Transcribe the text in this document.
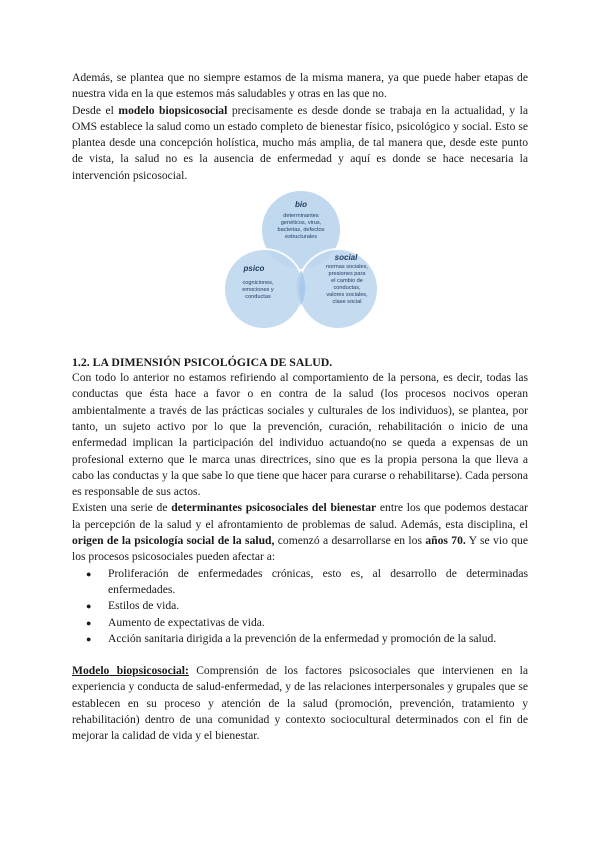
Además, se plantea que no siempre estamos de la misma manera, ya que puede haber etapas de nuestra vida en la que estemos más saludables y otras en las que no.

Desde el modelo biopsicosocial precisamente es desde donde se trabaja en la actualidad, y la OMS establece la salud como un estado completo de bienestar físico, psicológico y social. Esto se plantea desde una concepción holística, mucho más amplia, de tal manera que, desde este punto de vista, la salud no es la ausencia de enfermedad y aquí es donde se hace necesaria la intervención psicosocial.

bio
determinantes
genéticos, virus,
bacterias, defectos
estructurales
psico
cogniciones,
emociones y
conductas
social
normas sociales,
presiones para
el cambio de
conductas,
valores sociales,
clase social
1.2. LA DIMENSIÓN PSICOLÓGICA DE SALUD.

Con todo lo anterior no estamos refiriendo al comportamiento de la persona, es decir, todas las conductas que ésta hace a favor o en contra de la salud (los procesos nocivos operan ambientalmente a través de las prácticas sociales y culturales de los individuos), se plantea, por tanto, un sujeto activo por lo que la prevención, curación, rehabilitación o inicio de una enfermedad implican la participación del individuo actuando(no se queda a expensas de un profesional externo que le marca unas directrices, sino que es la propia persona la que lleva a cabo las conductas y la que sabe lo que tiene que hacer para curarse o rehabilitarse). Cada persona es responsable de sus actos.

Existen una serie de determinantes psicosociales del bienestar entre los que podemos destacar la percepción de la salud y el afrontamiento de problemas de salud. Además, esta disciplina, el origen de la psicología social de la salud, comenzó a desarrollarse en los años 70. Y se vio que los procesos psicosociales pueden afectar a:

● Proliferación de enfermedades crónicas, esto es, al desarrollo de determinadas enfermedades.
● Estilos de vida.
● Aumento de expectativas de vida.
● Acción sanitaria dirigida a la prevención de la enfermedad y promoción de la salud.

Modelo biopsicosocial: Comprensión de los factores psicosociales que intervienen en la experiencia y conducta de salud-enfermedad, y de las relaciones interpersonales y grupales que se establecen en su proceso y atención de la salud (promoción, prevención, tratamiento y rehabilitación) dentro de una comunidad y contexto sociocultural determinados con el fin de mejorar la calidad de vida y el bienestar.
